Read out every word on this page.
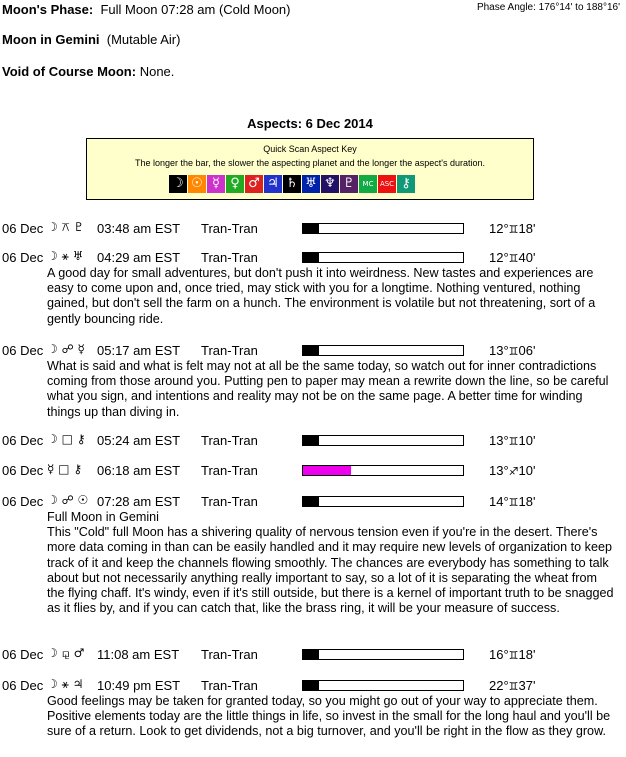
Moon's Phase: Full Moon 07:28 am (Cold Moon)	Phase Angle: 176°14' to 188°16'
Moon in Gemini (Mutable Air)
Void of Course Moon: None.
Aspects: 6 Dec 2014
Quick Scan Aspect Key
The longer the bar, the slower the aspecting planet and the longer the aspect's duration.
☽ ☉ ☿ ♀ ♂ ♃ ♄ ♅ ♆ ♇	MC ASC ⚷
06 Dec ☽ ⚻ ♇ 03:48 am EST Tran-Tran	12°♊18'
06 Dec ☽ ⚹ ♅ 04:29 am EST Tran-Tran	12°♊40'
A good day for small adventures, but don't push it into weirdness. New tastes and experiences are easy to come upon and, once tried, may stick with you for a longtime. Nothing ventured, nothing gained, but don't sell the farm on a hunch. The environment is volatile but not threatening, sort of a gently bouncing ride.
06 Dec ☽ ☍ ☿ 05:17 am EST Tran-Tran	13°♊06'
What is said and what is felt may not at all be the same today, so watch out for inner contradictions coming from those around you. Putting pen to paper may mean a rewrite down the line, so be careful what you sign, and intentions and reality may not be on the same page. A better time for winding things up than diving in.
06 Dec ☽ □ ⚷ 05:24 am EST Tran-Tran	13°♊10'
06 Dec ☿ □ ⚷ 06:18 am EST Tran-Tran	13°♐10'
06 Dec ☽ ☍ ☉ 07:28 am EST Tran-Tran	14°♊18'
Full Moon in Gemini
This "Cold" full Moon has a shivering quality of nervous tension even if you're in the desert. There's more data coming in than can be easily handled and it may require new levels of organization to keep track of it and keep the channels flowing smoothly. The chances are everybody has something to talk about but not necessarily anything really important to say, so a lot of it is separating the wheat from the flying chaff. It's windy, even if it's still outside, but there is a kernel of important truth to be snagged as it flies by, and if you can catch that, like the brass ring, it will be your measure of success.
06 Dec ☽ ⚼ ♂ 11:08 am EST Tran-Tran	16°♊18'
06 Dec ☽ ⚹ ♃ 10:49 pm EST Tran-Tran	22°♊37'
Good feelings may be taken for granted today, so you might go out of your way to appreciate them. Positive elements today are the little things in life, so invest in the small for the long haul and you'll be sure of a return. Look to get dividends, not a big turnover, and you'll be right in the flow as they grow.
